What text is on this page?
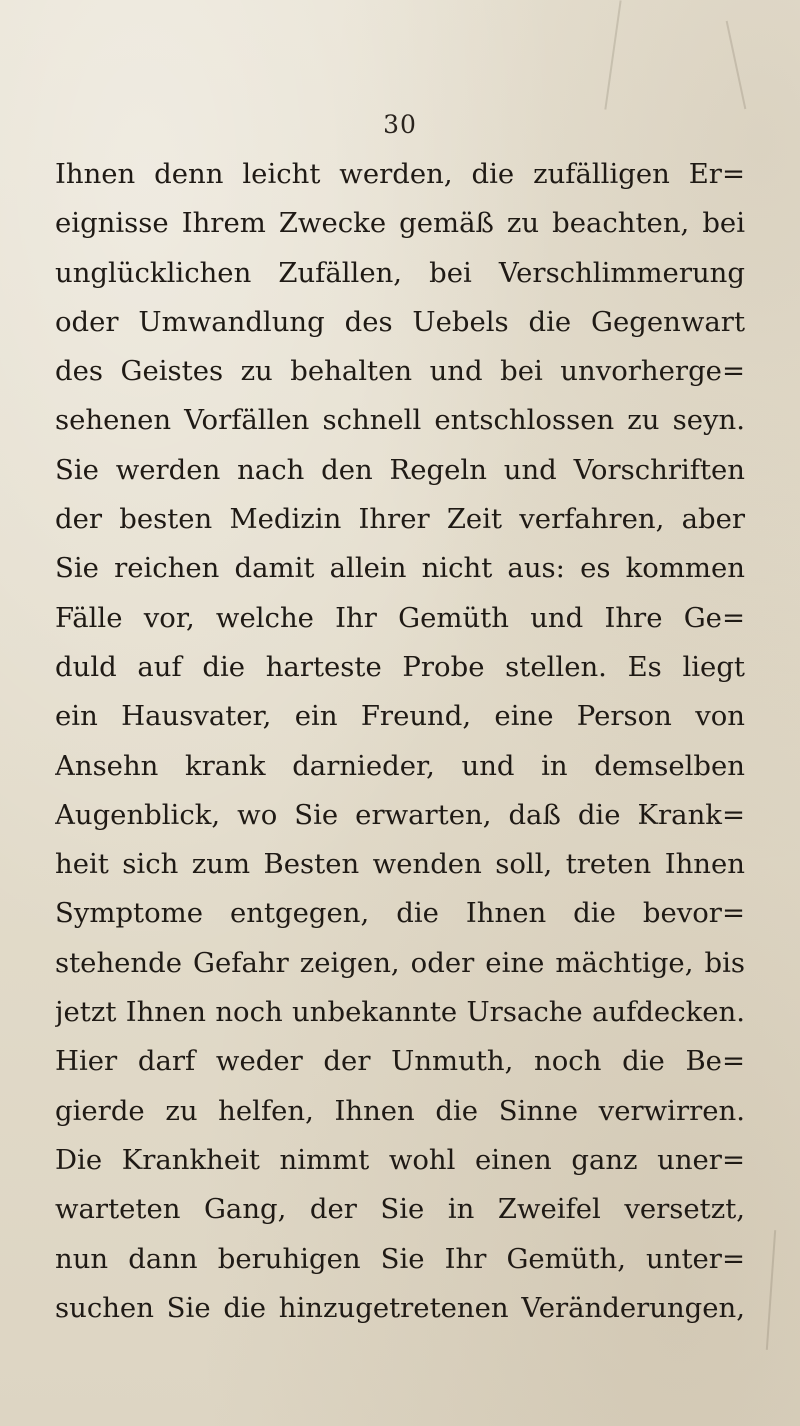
30
Ihnen denn leicht werden, die zufälligen Er=
eignisse Ihrem Zwecke gemäß zu beachten, bei
unglücklichen Zufällen, bei Verschlimmerung
oder Umwandlung des Uebels die Gegenwart
des Geistes zu behalten und bei unvorherge=
sehenen Vorfällen schnell entschlossen zu seyn.
Sie werden nach den Regeln und Vorschriften
der besten Medizin Ihrer Zeit verfahren, aber
Sie reichen damit allein nicht aus: es kommen
Fälle vor, welche Ihr Gemüth und Ihre Ge=
duld auf die harteste Probe stellen. Es liegt
ein Hausvater, ein Freund, eine Person von
Ansehn krank darnieder, und in demselben
Augenblick, wo Sie erwarten, daß die Krank=
heit sich zum Besten wenden soll, treten Ihnen
Symptome entgegen, die Ihnen die bevor=
stehende Gefahr zeigen, oder eine mächtige, bis
jetzt Ihnen noch unbekannte Ursache aufdecken.
Hier darf weder der Unmuth, noch die Be=
gierde zu helfen, Ihnen die Sinne verwirren.
Die Krankheit nimmt wohl einen ganz uner=
warteten Gang, der Sie in Zweifel versetzt,
nun dann beruhigen Sie Ihr Gemüth, unter=
suchen Sie die hinzugetretenen Veränderungen,
